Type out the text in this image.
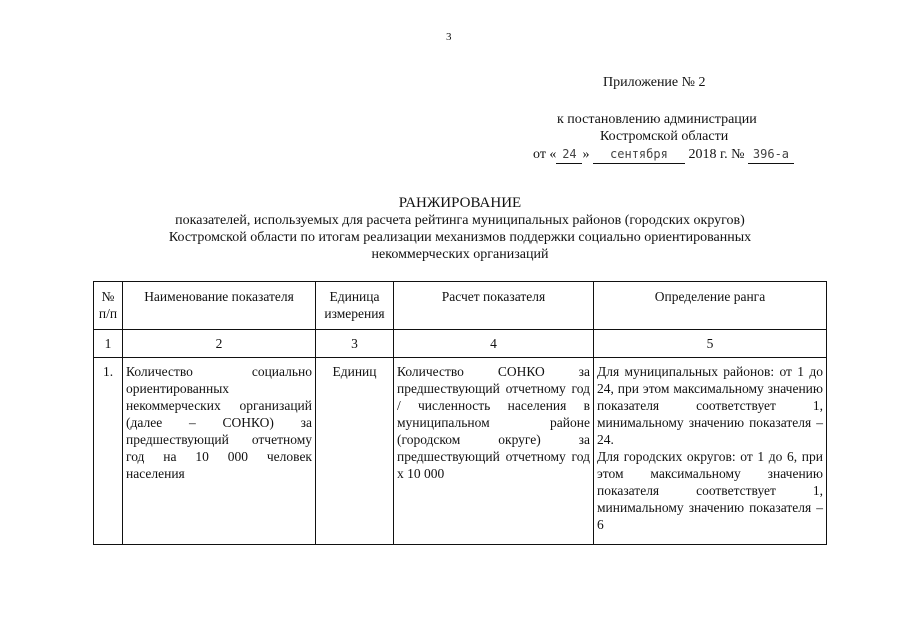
3
Приложение № 2
к постановлению администрации
Костромской области
от « 24 » сентября 2018 г. № 396-а
РАНЖИРОВАНИЕ
показателей, используемых для расчета рейтинга муниципальных районов (городских округов)
Костромской области по итогам реализации механизмов поддержки социально ориентированных
некоммерческих организаций
№ п/п	Наименование показателя	Единица измерения	Расчет показателя	Определение ранга
1	2	3	4	5
1.	Количество социально ориентированных некоммерческих организаций (далее – СОНКО) за предшествующий отчетному год на 10 000 человек населения	Единиц	Количество СОНКО за предшествующий отчетному год / численность населения в муниципальном районе (городском округе) за предшествующий отчетному год х 10 000	Для муниципальных районов: от 1 до 24, при этом максимальному значению показателя соответствует 1, минимальному значению показателя – 24.
Для городских округов: от 1 до 6, при этом максимальному значению показателя соответствует 1, минимальному значению показателя – 6
